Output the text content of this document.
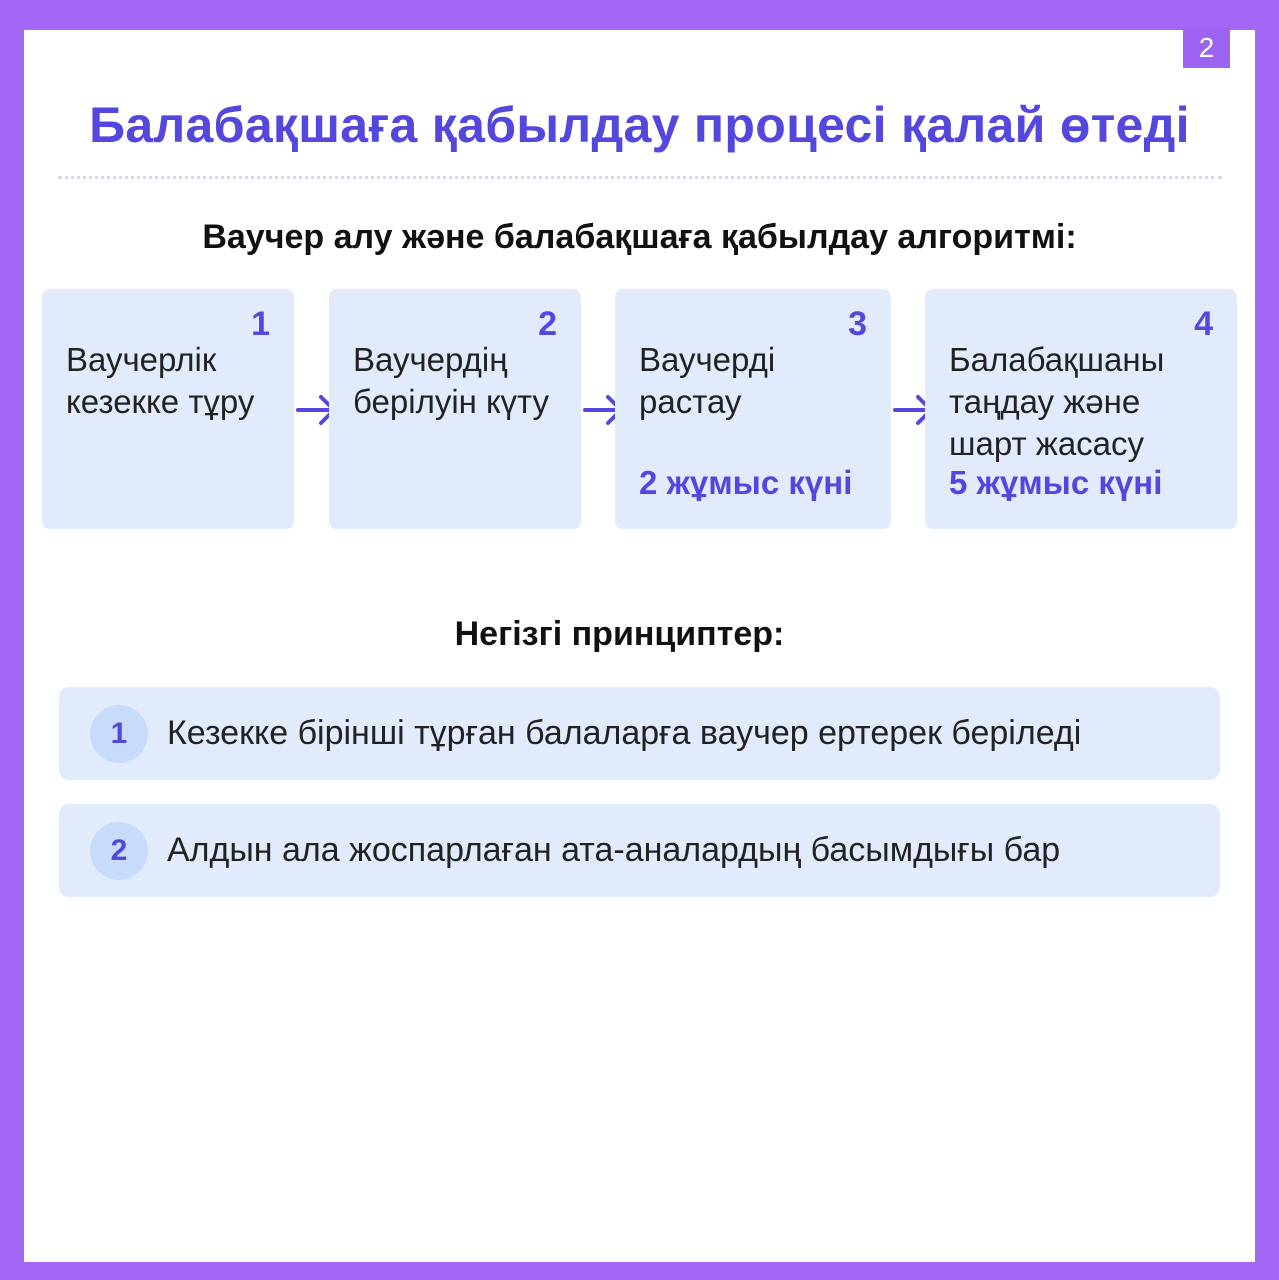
2
Балабақшаға қабылдау процесі қалай өтеді
Ваучер алу және балабақшаға қабылдау алгоритмі:
1
Ваучерлік кезекке тұру
2
Ваучердің берілуін күту
3
Ваучерді растау
2 жұмыс күні
4
Балабақшаны таңдау және шарт жасасу
5 жұмыс күні
Негізгі принциптер:
1	Кезекке бірінші тұрған балаларға ваучер ертерек беріледі
2	Алдын ала жоспарлаған ата-аналардың басымдығы бар
